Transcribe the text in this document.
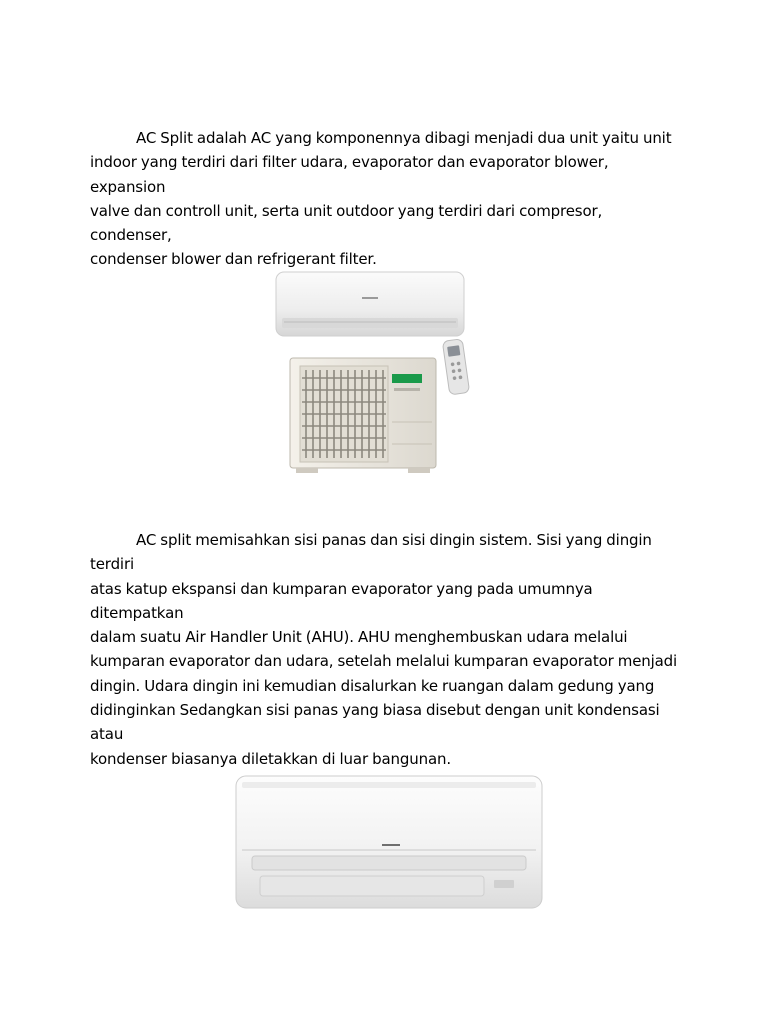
AC Split adalah AC yang komponennya dibagi menjadi dua unit yaitu unit
indoor yang terdiri dari filter udara, evaporator dan evaporator blower, expansion
valve dan controll unit, serta unit outdoor yang terdiri dari compresor, condenser,
condenser blower dan refrigerant filter.

AC split memisahkan sisi panas dan sisi dingin sistem. Sisi yang dingin terdiri
atas katup ekspansi dan kumparan evaporator yang pada umumnya ditempatkan
dalam suatu Air Handler Unit (AHU). AHU menghembuskan udara melalui
kumparan evaporator dan udara, setelah melalui kumparan evaporator menjadi
dingin. Udara dingin ini kemudian disalurkan ke ruangan dalam gedung yang
didinginkan Sedangkan sisi panas yang biasa disebut dengan unit kondensasi atau
kondenser biasanya diletakkan di luar bangunan.
